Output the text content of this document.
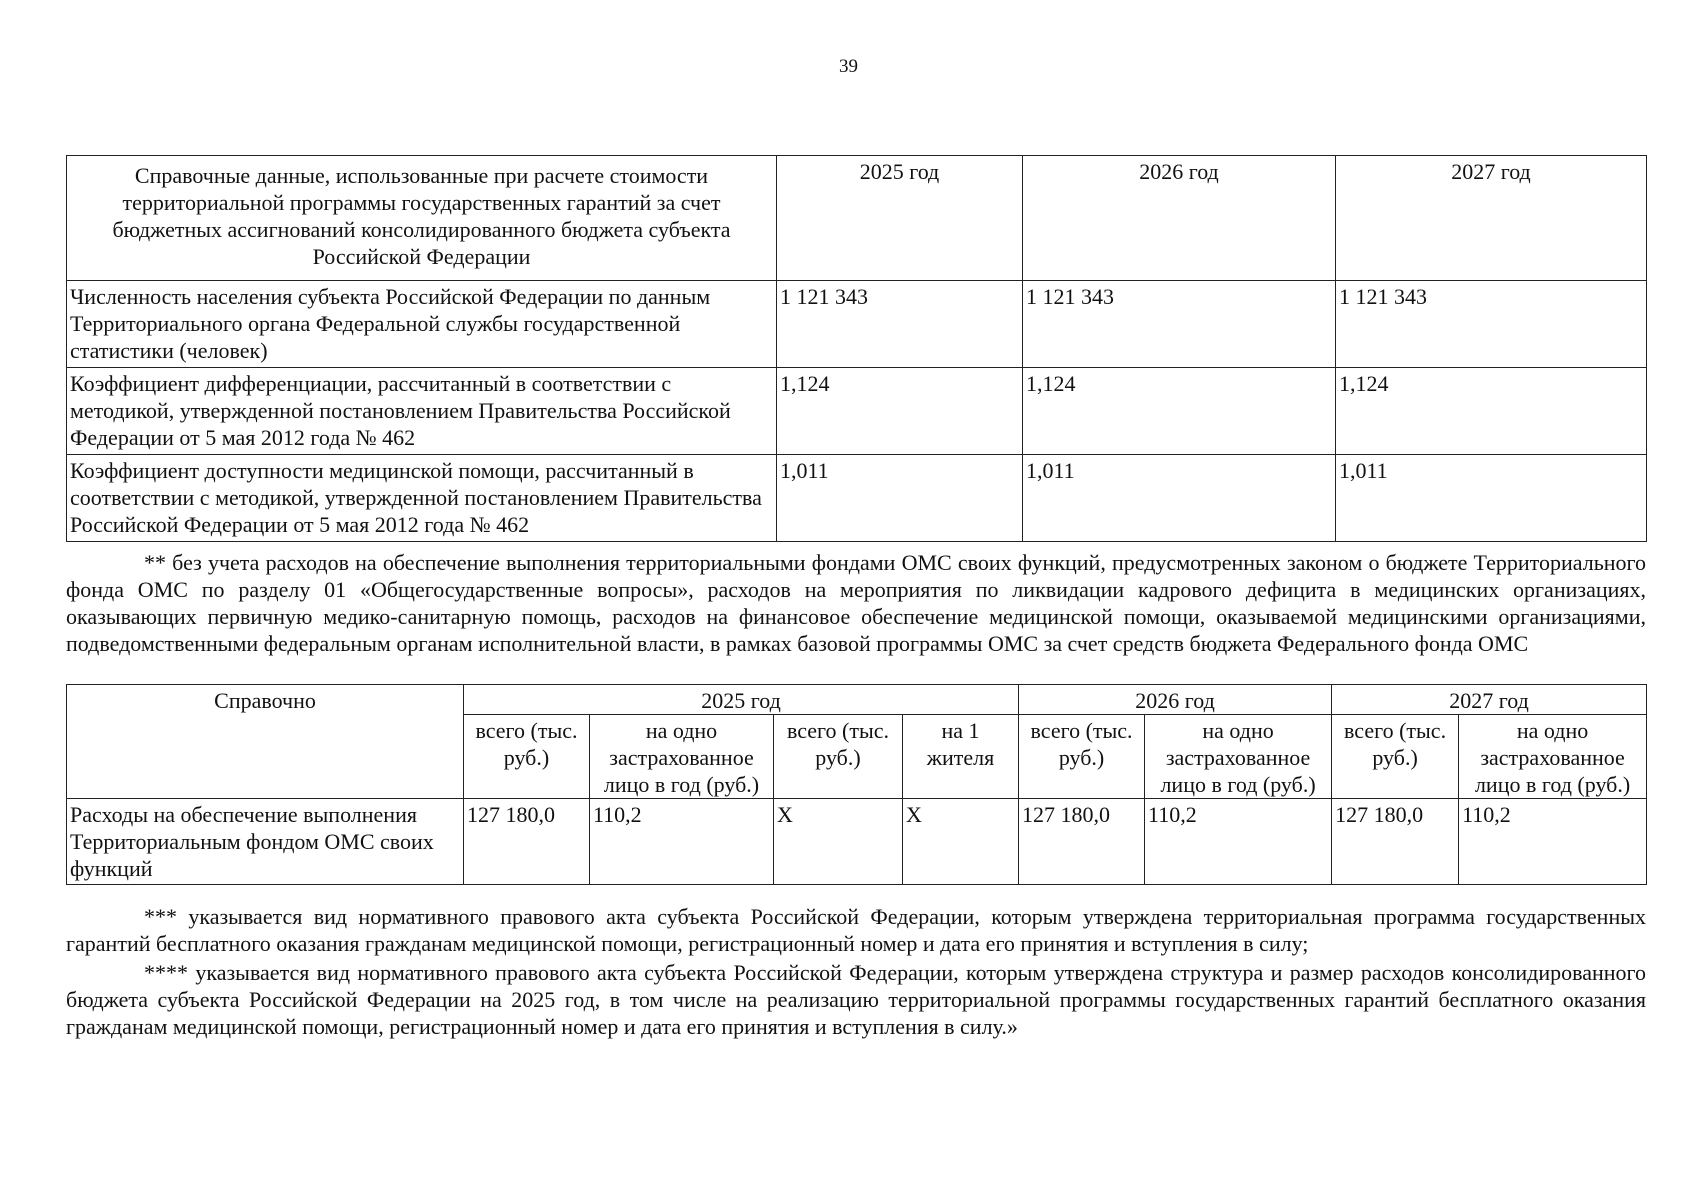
39
Справочные данные, использованные при расчете стоимости территориальной программы государственных гарантий за счет бюджетных ассигнований консолидированного бюджета субъекта Российской Федерации	2025 год	2026 год	2027 год
Численность населения субъекта Российской Федерации по данным Территориального органа Федеральной службы государственной статистики (человек)	1 121 343	1 121 343	1 121 343
Коэффициент дифференциации, рассчитанный в соответствии с методикой, утвержденной постановлением Правительства Российской Федерации от 5 мая 2012 года № 462	1,124	1,124	1,124
Коэффициент доступности медицинской помощи, рассчитанный в соответствии с методикой, утвержденной постановлением Правительства Российской Федерации от 5 мая 2012 года № 462	1,011	1,011	1,011
** без учета расходов на обеспечение выполнения территориальными фондами ОМС своих функций, предусмотренных законом о бюджете Территориального фонда ОМС по разделу 01 «Общегосударственные вопросы», расходов на мероприятия по ликвидации кадрового дефицита в медицинских организациях, оказывающих первичную медико-санитарную помощь, расходов на финансовое обеспечение медицинской помощи, оказываемой медицинскими организациями, подведомственными федеральным органам исполнительной власти, в рамках базовой программы ОМС за счет средств бюджета Федерального фонда ОМС
Справочно	2025 год				2026 год		2027 год	
	всего (тыс. руб.)	на одно застрахованное лицо в год (руб.)	всего (тыс. руб.)	на 1 жителя	всего (тыс. руб.)	на одно застрахованное лицо в год (руб.)	всего (тыс. руб.)	на одно застрахованное лицо в год (руб.)
Расходы на обеспечение выполнения Территориальным фондом ОМС своих функций	127 180,0	110,2	Х	Х	127 180,0	110,2	127 180,0	110,2
*** указывается вид нормативного правового акта субъекта Российской Федерации, которым утверждена территориальная программа государственных гарантий бесплатного оказания гражданам медицинской помощи, регистрационный номер и дата его принятия и вступления в силу;
**** указывается вид нормативного правового акта субъекта Российской Федерации, которым утверждена структура и размер расходов консолидированного бюджета субъекта Российской Федерации на 2025 год, в том числе на реализацию территориальной программы государственных гарантий бесплатного оказания гражданам медицинской помощи, регистрационный номер и дата его принятия и вступления в силу.»
